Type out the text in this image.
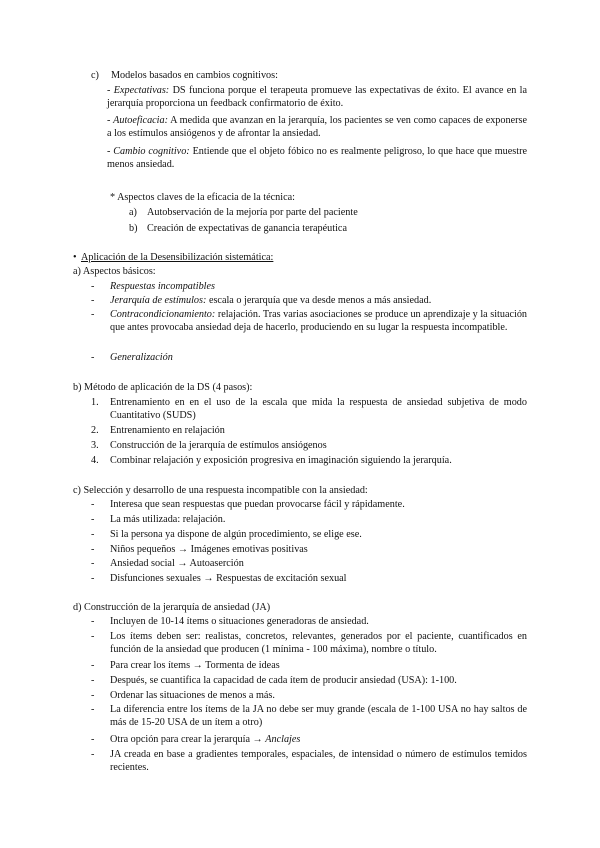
c) Modelos basados en cambios cognitivos:
- Expectativas: DS funciona porque el terapeuta promueve las expectativas de éxito. El avance en la jerarquía proporciona un feedback confirmatorio de éxito.
- Autoeficacia: A medida que avanzan en la jerarquía, los pacientes se ven como capaces de exponerse a los estímulos ansiógenos y de afrontar la ansiedad.
- Cambio cognitivo: Entiende que el objeto fóbico no es realmente peligroso, lo que hace que muestre menos ansiedad.
* Aspectos claves de la eficacia de la técnica:
a) Autobservación de la mejoría por parte del paciente
b) Creación de expectativas de ganancia terapéutica
• Aplicación de la Desensibilización sistemática:
a) Aspectos básicos:
- Respuestas incompatibles
- Jerarquía de estímulos: escala o jerarquía que va desde menos a más ansiedad.
- Contracondicionamiento: relajación. Tras varias asociaciones se produce un aprendizaje y la situación que antes provocaba ansiedad deja de hacerlo, produciendo en su lugar la respuesta incompatible.
- Generalización
b) Método de aplicación de la DS (4 pasos):
1. Entrenamiento en en el uso de la escala que mida la respuesta de ansiedad subjetiva de modo Cuantitativo (SUDS)
2. Entrenamiento en relajación
3. Construcción de la jerarquía de estímulos ansiógenos
4. Combinar relajación y exposición progresiva en imaginación siguiendo la jerarquía.
c) Selección y desarrollo de una respuesta incompatible con la ansiedad:
- Interesa que sean respuestas que puedan provocarse fácil y rápidamente.
- La más utilizada: relajación.
- Si la persona ya dispone de algún procedimiento, se elige ese.
- Niños pequeños → Imágenes emotivas positivas
- Ansiedad social → Autoaserción
- Disfunciones sexuales → Respuestas de excitación sexual
d) Construcción de la jerarquía de ansiedad (JA)
- Incluyen de 10-14 ítems o situaciones generadoras de ansiedad.
- Los ítems deben ser: realistas, concretos, relevantes, generados por el paciente, cuantificados en función de la ansiedad que producen (1 mínima - 100 máxima), nombre o título.
- Para crear los ítems → Tormenta de ideas
- Después, se cuantifica la capacidad de cada ítem de producir ansiedad (USA): 1-100.
- Ordenar las situaciones de menos a más.
- La diferencia entre los ítems de la JA no debe ser muy grande (escala de 1-100 USA no hay saltos de más de 15-20 USA de un ítem a otro)
- Otra opción para crear la jerarquía → Anclajes
- JA creada en base a gradientes temporales, espaciales, de intensidad o número de estímulos temidos recientes.
